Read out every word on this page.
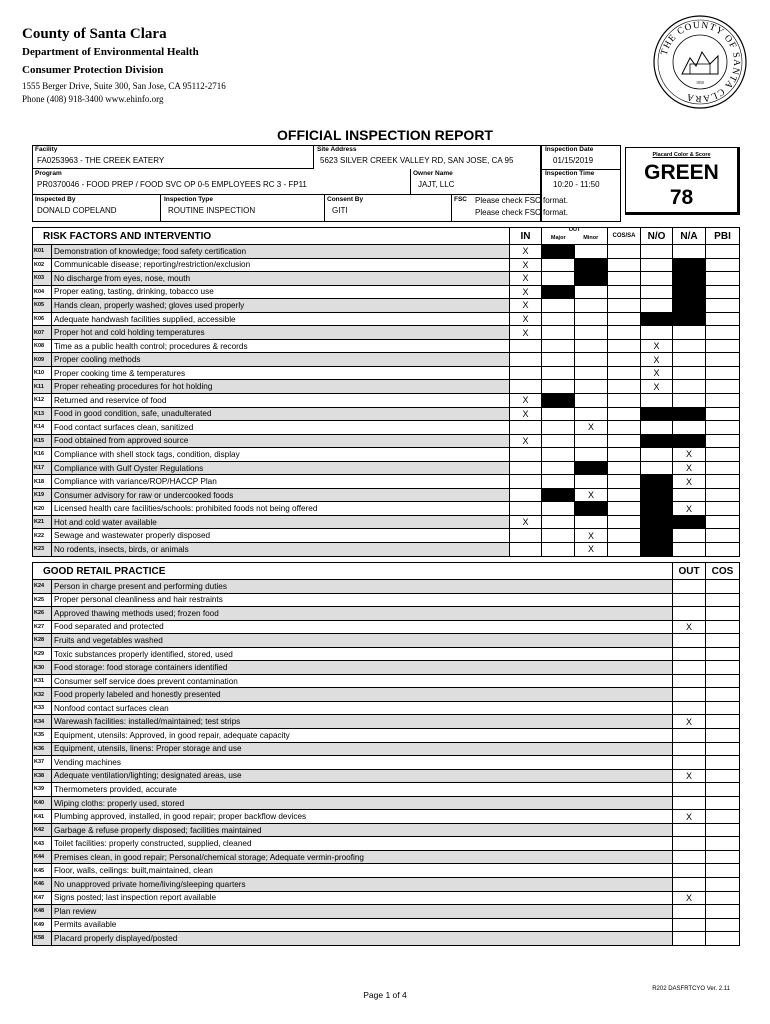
County of Santa Clara
Department of Environmental Health
Consumer Protection Division
1555 Berger Drive, Suite 300, San Jose, CA 95112-2716
Phone (408) 918-3400 www.ehinfo.org
THE COUNTY OF SANTA CLARA
1850
OFFICIAL INSPECTION REPORT
Facility
FA0253963 - THE CREEK EATERY
Site Address
5623 SILVER CREEK VALLEY RD, SAN JOSE, CA 95
Inspection Date
01/15/2019
Program
PR0370046 - FOOD PREP / FOOD SVC OP 0-5 EMPLOYEES RC 3 - FP11
Owner Name
JAJT, LLC
Inspection Time
10:20 - 11:50
Inspected By
DONALD COPELAND
Inspection Type
ROUTINE INSPECTION
Consent By
GITI
FSC Please check FSC format.
Please check FSC format.
Placard Color & Score
GREEN
78
RISK FACTORS AND INTERVENTIO		IN	OUT
Major Minor		COS/SA	N/O	N/A	PBI
K01	Demonstration of knowledge; food safety certification	X						
K02	Communicable disease; reporting/restriction/exclusion	X						
K03	No discharge from eyes, nose, mouth	X						
K04	Proper eating, tasting, drinking, tobacco use	X						
K05	Hands clean, properly washed; gloves used properly	X						
K06	Adequate handwash facilities supplied, accessible	X						
K07	Proper hot and cold holding temperatures	X						
K08	Time as a public health control; procedures & records					X		
K09	Proper cooling methods					X		
K10	Proper cooking time & temperatures					X		
K11	Proper reheating procedures for hot holding					X		
K12	Returned and reservice of food	X						
K13	Food in good condition, safe, unadulterated	X						
K14	Food contact surfaces clean, sanitized			X				
K15	Food obtained from approved source	X						
K16	Compliance with shell stock tags, condition, display						X	
K17	Compliance with Gulf Oyster Regulations						X	
K18	Compliance with variance/ROP/HACCP Plan						X	
K19	Consumer advisory for raw or undercooked foods			X				
K20	Licensed health care facilities/schools: prohibited foods not being offered						X	
K21	Hot and cold water available	X						
K22	Sewage and wastewater properly disposed			X				
K23	No rodents, insects, birds, or animals			X				
GOOD RETAIL PRACTICE		OUT	COS
K24	Person in charge present and performing duties		
K25	Proper personal cleanliness and hair restraints		
K26	Approved thawing methods used; frozen food		
K27	Food separated and protected	X	
K28	Fruits and vegetables washed		
K29	Toxic substances properly identified, stored, used		
K30	Food storage: food storage containers identified		
K31	Consumer self service does prevent contamination		
K32	Food properly labeled and honestly presented		
K33	Nonfood contact surfaces clean		
K34	Warewash facilities: installed/maintained; test strips	X	
K35	Equipment, utensils: Approved, in good repair, adequate capacity		
K36	Equipment, utensils, linens: Proper storage and use		
K37	Vending machines		
K38	Adequate ventilation/lighting; designated areas, use	X	
K39	Thermometers provided, accurate		
K40	Wiping cloths: properly used, stored		
K41	Plumbing approved, installed, in good repair; proper backflow devices	X	
K42	Garbage & refuse properly disposed; facilities maintained		
K43	Toilet facilities: properly constructed, supplied, cleaned		
K44	Premises clean, in good repair; Personal/chemical storage; Adequate vermin-proofing		
K45	Floor, walls, ceilings: built,maintained, clean		
K46	No unapproved private home/living/sleeping quarters		
K47	Signs posted; last inspection report available	X	
K48	Plan review		
K49	Permits available		
K58	Placard properly displayed/posted		
Page 1 of 4
R202 DASFRTCYO Ver. 2.11
